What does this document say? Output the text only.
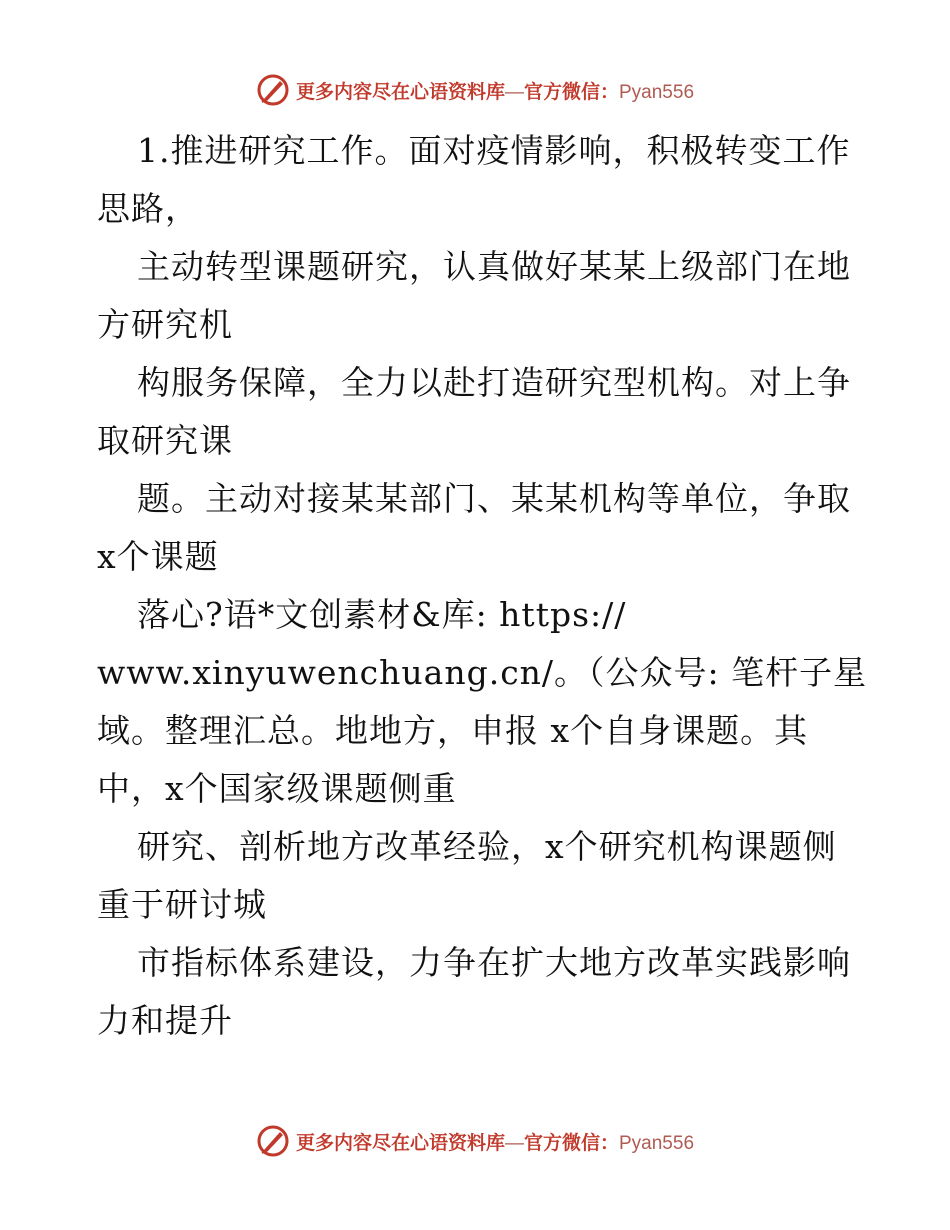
更多内容尽在心语资料库—官方微信：Pyan556
1.推进研究工作。面对疫情影响，积极转变工作
思路，
主动转型课题研究，认真做好某某上级部门在地
方研究机
构服务保障，全力以赴打造研究型机构。对上争
取研究课
题。主动对接某某部门、某某机构等单位，争取
x个课题
落心?语*文创素材&库: https://
www.xinyuwenchuang.cn/。（公众号: 笔杆子星
域。整理汇总。地地方，申报 x个自身课题。其
中，x个国家级课题侧重
研究、剖析地方改革经验，x个研究机构课题侧
重于研讨城
市指标体系建设，力争在扩大地方改革实践影响
力和提升
更多内容尽在心语资料库—官方微信：Pyan556
